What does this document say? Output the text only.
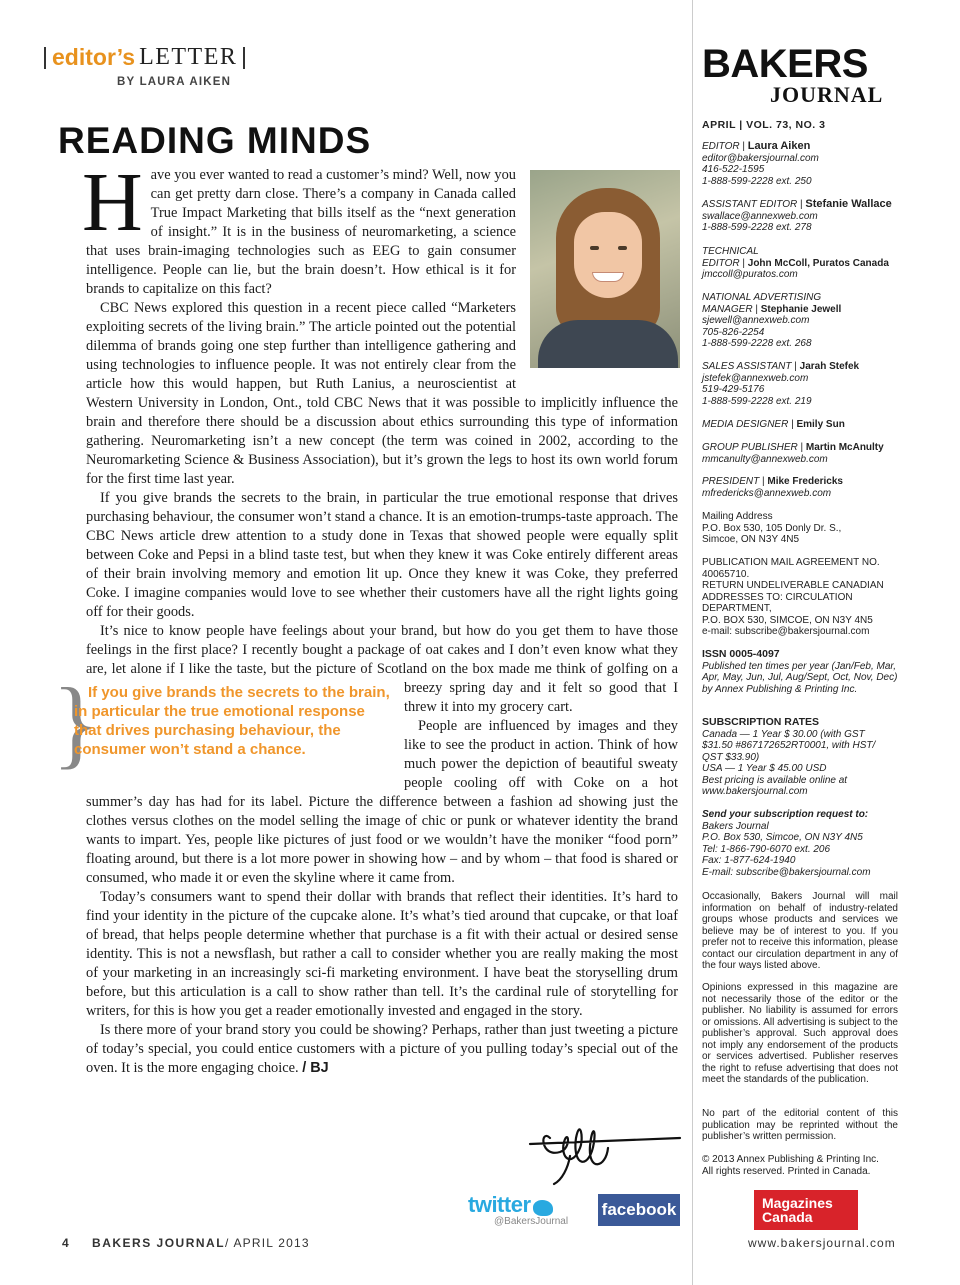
editor’s LETTER
BY LAURA AIKEN
READING MINDS

Have you ever wanted to read a customer’s mind? Well, now you can get pretty darn close. There’s a company in Canada called True Impact Marketing that bills itself as the “next generation of insight.” It is in the business of neuromarketing, a science that uses brain-imaging technologies such as EEG to gain consumer intelligence. People can lie, but the brain doesn’t. How ethical is it for brands to capitalize on this fact?

CBC News explored this question in a recent piece called “Marketers exploiting secrets of the living brain.” The article pointed out the potential dilemma of brands going one step further than intelligence gathering and using technologies to influence people. It was not entirely clear from the article how this would happen, but Ruth Lanius, a neuroscientist at Western University in London, Ont., told CBC News that it was possible to implicitly influence the brain and therefore there should be a discussion about ethics surrounding this type of information gathering. Neuromarketing isn’t a new concept (the term was coined in 2002, according to the Neuromarketing Science & Business Association), but it’s grown the legs to host its own world forum for the first time last year.

If you give brands the secrets to the brain, in particular the true emotional response that drives purchasing behaviour, the consumer won’t stand a chance. It is an emotion-trumps-taste approach. The CBC News article drew attention to a study done in Texas that showed people were equally split between Coke and Pepsi in a blind taste test, but when they knew it was Coke entirely different areas of their brain involving memory and emotion lit up. Once they knew it was Coke, they preferred Coke. I imagine companies would love to see whether their customers have all the right lights going off for their goods.

It’s nice to know people have feelings about your brand, but how do you get them to have those feelings in the first place? I recently bought a package of oat cakes and I don’t even know what they are, let alone if I like the taste, but the picture of Scotland on the box made
}
If you give brands the secrets to the brain, in particular the true emotional response that drives purchasing behaviour, the consumer won’t stand a chance.
me think of golfing on a breezy spring day and it felt so good that I threw it into my grocery cart.

People are influenced by images and they like to see the product in action. Think of how much power the depiction of beautiful sweaty people cooling off with Coke on a hot summer’s day has had for its label. Picture the difference between a fashion ad showing just the clothes versus clothes on the model selling the image of chic or punk or whatever identity the brand wants to impart. Yes, people like pictures of just food or we wouldn’t have the moniker “food porn” floating around, but there is a lot more power in showing how – and by whom – that food is shared or consumed, who made it or even the skyline where it came from.

Today’s consumers want to spend their dollar with brands that reflect their identities. It’s hard to find your identity in the picture of the cupcake alone. It’s what’s tied around that cupcake, or that loaf of bread, that helps people determine whether that purchase is a fit with their actual or desired sense identity. This is not a newsflash, but rather a call to consider whether you are really making the most of your marketing in an increasingly sci-fi marketing environment. I have beat the storyselling drum before, but this articulation is a call to show rather than tell. It’s the cardinal rule of storytelling for writers, for this is how you get a reader emotionally invested and engaged in the story.

Is there more of your brand story you could be showing? Perhaps, rather than just tweeting a picture of today’s special, you could entice customers with a picture of you pulling today’s special out of the oven. It is the more engaging choice. / BJ

twitter
@BakersJournal
facebook
4 BAKERS JOURNAL/ APRIL 2013	www.bakersjournal.com
BAKERS
JOURNAL
APRIL | VOL. 73, NO. 3
EDITOR | Laura Aiken
editor@bakersjournal.com
416-522-1595
1-888-599-2228 ext. 250
ASSISTANT EDITOR | Stefanie Wallace
swallace@annexweb.com
1-888-599-2228 ext. 278
TECHNICAL
EDITOR | John McColl, Puratos Canada
jmccoll@puratos.com
NATIONAL ADVERTISING
MANAGER | Stephanie Jewell
sjewell@annexweb.com
705-826-2254
1-888-599-2228 ext. 268
SALES ASSISTANT | Jarah Stefek
jstefek@annexweb.com
519-429-5176
1-888-599-2228 ext. 219
MEDIA DESIGNER | Emily Sun
GROUP PUBLISHER | Martin McAnulty
mmcanulty@annexweb.com
PRESIDENT | Mike Fredericks
mfredericks@annexweb.com
Mailing Address
P.O. Box 530, 105 Donly Dr. S.,
Simcoe, ON N3Y 4N5
PUBLICATION MAIL AGREEMENT NO.
40065710.
RETURN UNDELIVERABLE CANADIAN
ADDRESSES TO: CIRCULATION
DEPARTMENT,
P.O. BOX 530, SIMCOE, ON N3Y 4N5
e-mail: subscribe@bakersjournal.com
ISSN 0005-4097
Published ten times per year (Jan/Feb, Mar, Apr, May, Jun, Jul, Aug/Sept, Oct, Nov, Dec) by Annex Publishing & Printing Inc.
SUBSCRIPTION RATES
Canada — 1 Year $ 30.00 (with GST $31.50 #867172652RT0001, with HST/ QST $33.90)
USA — 1 Year $ 45.00 USD
Best pricing is available online at www.bakersjournal.com
Send your subscription request to:
Bakers Journal
P.O. Box 530, Simcoe, ON N3Y 4N5
Tel: 1-866-790-6070 ext. 206
Fax: 1-877-624-1940
E-mail: subscribe@bakersjournal.com
Occasionally, Bakers Journal will mail information on behalf of industry-related groups whose products and services we believe may be of interest to you. If you prefer not to receive this information, please contact our circulation department in any of the four ways listed above.
Opinions expressed in this magazine are not necessarily those of the editor or the publisher. No liability is assumed for errors or omissions. All advertising is subject to the publisher’s approval. Such approval does not imply any endorsement of the products or services advertised. Publisher reserves the right to refuse advertising that does not meet the standards of the publication.
No part of the editorial content of this publication may be reprinted without the publisher’s written permission.
© 2013 Annex Publishing & Printing Inc.
All rights reserved. Printed in Canada.
Magazines
Canada
